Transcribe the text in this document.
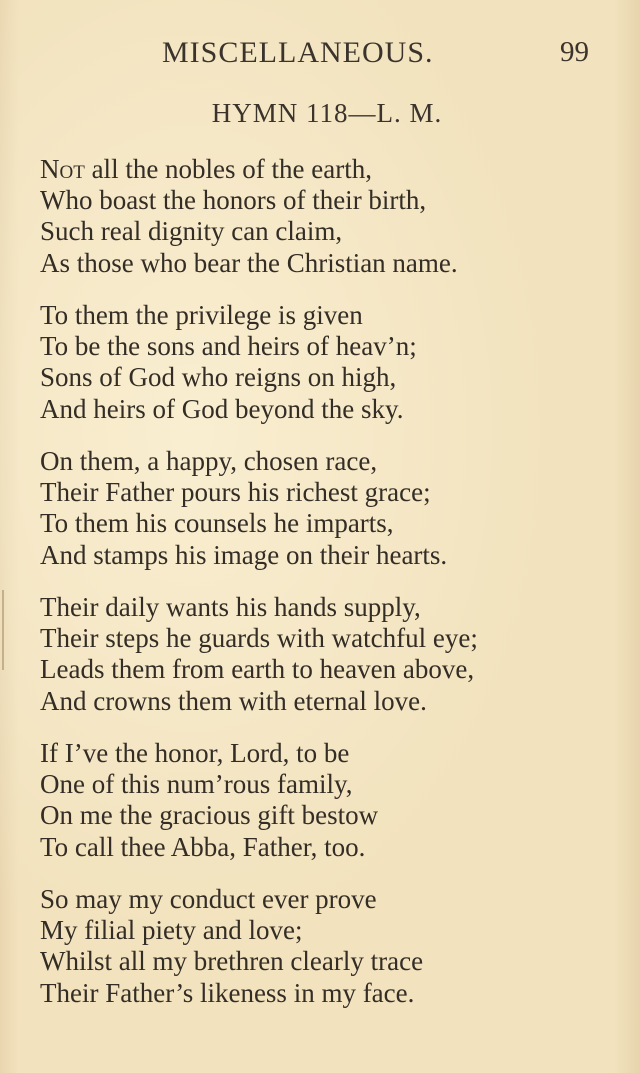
MISCELLANEOUS.	99
HYMN 118—L. M.
Not all the nobles of the earth,
Who boast the honors of their birth,
Such real dignity can claim,
As those who bear the Christian name.
To them the privilege is given
To be the sons and heirs of heav’n;
Sons of God who reigns on high,
And heirs of God beyond the sky.
On them, a happy, chosen race,
Their Father pours his richest grace;
To them his counsels he imparts,
And stamps his image on their hearts.
Their daily wants his hands supply,
Their steps he guards with watchful eye;
Leads them from earth to heaven above,
And crowns them with eternal love.
If I’ve the honor, Lord, to be
One of this num’rous family,
On me the gracious gift bestow
To call thee Abba, Father, too.
So may my conduct ever prove
My filial piety and love;
Whilst all my brethren clearly trace
Their Father’s likeness in my face.
